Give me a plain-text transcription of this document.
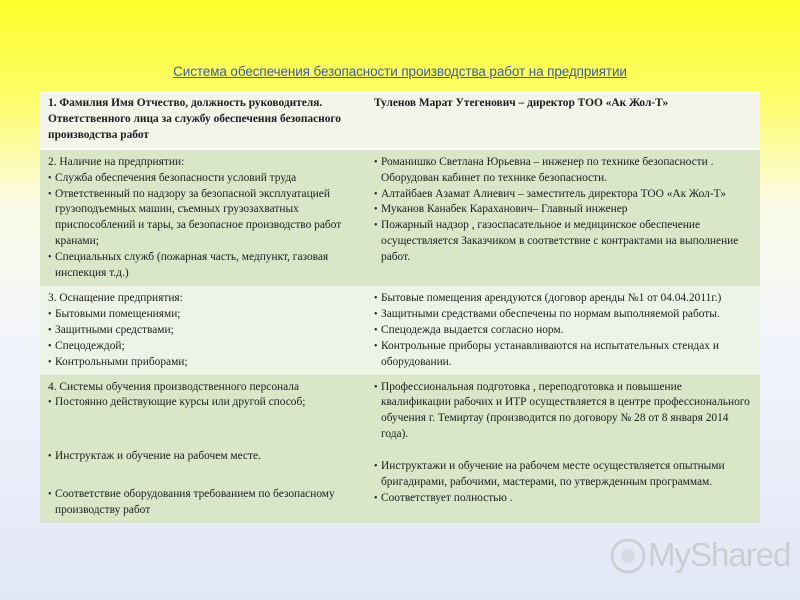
Система обеспечения безопасности производства работ на предприятии
1. Фамилия Имя Отчество, должность руководителя. Ответственного лица за службу обеспечения безопасного производства работ
Туленов Марат Утегенович – директор ТОО «Ак Жол-Т»
2. Наличие на предприятии:
• Служба обеспечения безопасности условий труда
• Ответственный по надзору за безопасной эксплуатацией грузоподъемных машин, съемных грузозахватных приспособлений и тары, за безопасное производство работ кранами;
• Специальных служб (пожарная часть, медпункт, газовая инспекция т.д.)
• Романишко Светлана Юрьевна – инженер по технике безопасности . Оборудован кабинет по технике безопасности.
• Алтайбаев Азамат Алиевич – заместитель директора ТОО «Ак Жол-Т»
• Муканов Канабек Караханович– Главный инженер
• Пожарный надзор , газоспасательное и медицинское обеспечение осуществляется Заказчиком в соответствие с контрактами на выполнение работ.
3. Оснащение предприятия:
• Бытовыми помещениями;
• Защитными средствами;
• Спецодеждой;
• Контрольными приборами;
• Бытовые помещения арендуются (договор аренды №1 от 04.04.2011г.)
• Защитными средствами обеспечены по нормам выполняемой работы.
• Спецодежда выдается согласно норм.
• Контрольные приборы устанавливаются на испытательных стендах и оборудовании.
4. Системы обучения производственного персонала
• Постоянно действующие курсы или другой способ;
• Инструктаж и обучение на рабочем месте.
• Соответствие оборудования требованием по безопасному производству работ
• Профессиональная подготовка , переподготовка и повышение квалификации рабочих и ИТР осуществляется в центре профессионального обучения г. Темиртау (производится по договору № 28 от 8 января 2014 года).
• Инструктажи и обучение на рабочем месте осуществляется опытными бригадирами, рабочими, мастерами, по утвержденным программам.
• Соответствует полностью .
MyShared
